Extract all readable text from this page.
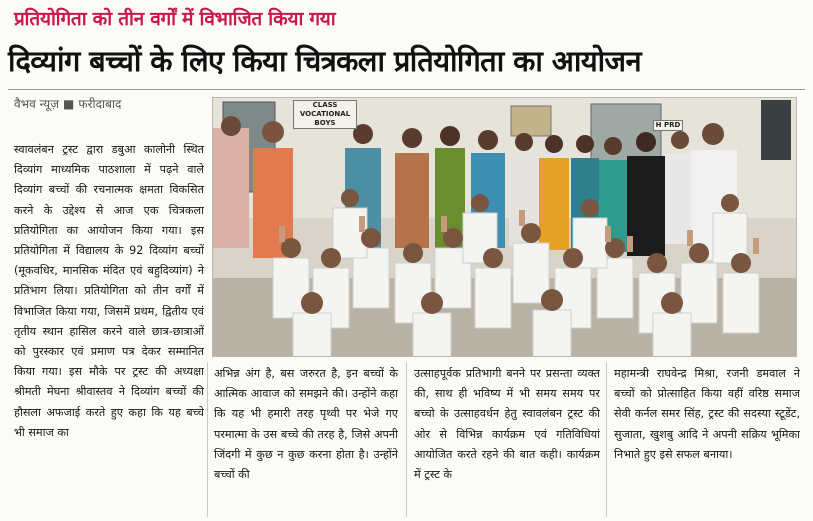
प्रतियोगिता को तीन वर्गों में विभाजित किया गया
दिव्यांग बच्चों के लिए किया चित्रकला प्रतियोगिता का आयोजन
वैभव न्यूज़ ■ फरीदाबाद

स्वावलंबन ट्रस्ट द्वारा डबुआ कालोनी स्थित दिव्यांग माध्यमिक पाठशाला में पढ़ने वाले दिव्यांग बच्चों की रचनात्मक क्षमता विकसित करने के उद्देश्य से आज एक चित्रकला प्रतियोगिता का आयोजन किया गया। इस प्रतियोगिता में विद्यालय के 92 दिव्यांग बच्चों (मूकवधिर, मानसिक मंदित एवं बहुदिव्यांग) ने प्रतिभाग लिया। प्रतियोगिता को तीन वर्गों में विभाजित किया गया, जिसमें प्रथम, द्वितीय एवं तृतीय स्थान हासिल करने वाले छात्र-छात्राओं को पुरस्कार एवं प्रमाण पत्र देकर सम्मानित किया गया। इस मौके पर ट्रस्ट की अध्यक्षा श्रीमती मेघना श्रीवास्तव ने दिव्यांग बच्चों की हौसला अफजाई करते हुए कहा कि यह बच्चे भी समाज का

अभिन्न अंग है, बस जरुरत है, इन बच्चों के आत्मिक आवाज को समझने की। उन्होंने कहा कि यह भी हमारी तरह पृथ्वी पर भेजे गए परमात्मा के उस बच्चे की तरह है, जिसे अपनी जिंदगी में कुछ न कुछ करना होता है। उन्होंने बच्चों की

उत्साहपूर्वक प्रतिभागी बनने पर प्रसन्ता व्यक्त की, साथ ही भविष्य में भी समय समय पर बच्चो के उत्साहवर्धन हेतु स्वावलंबन ट्रस्ट की ओर से विभिन्न कार्यक्रम एवं गतिविधियां आयोजित करते रहने की बात कही। कार्यक्रम में ट्रस्ट के

महामन्त्री राघवेन्द्र मिश्रा, रजनी डमवाल ने बच्चों को प्रोत्साहित किया वहीं वरिष्ठ समाज सेवी कर्नल समर सिंह, ट्रस्ट की सदस्या स्टूडेंट, सुजाता, खुशबु आदि ने अपनी सक्रिय भूमिका निभाते हुए इसे सफल बनाया।

CLASS VOCATIONAL
BOYS	H PRD
